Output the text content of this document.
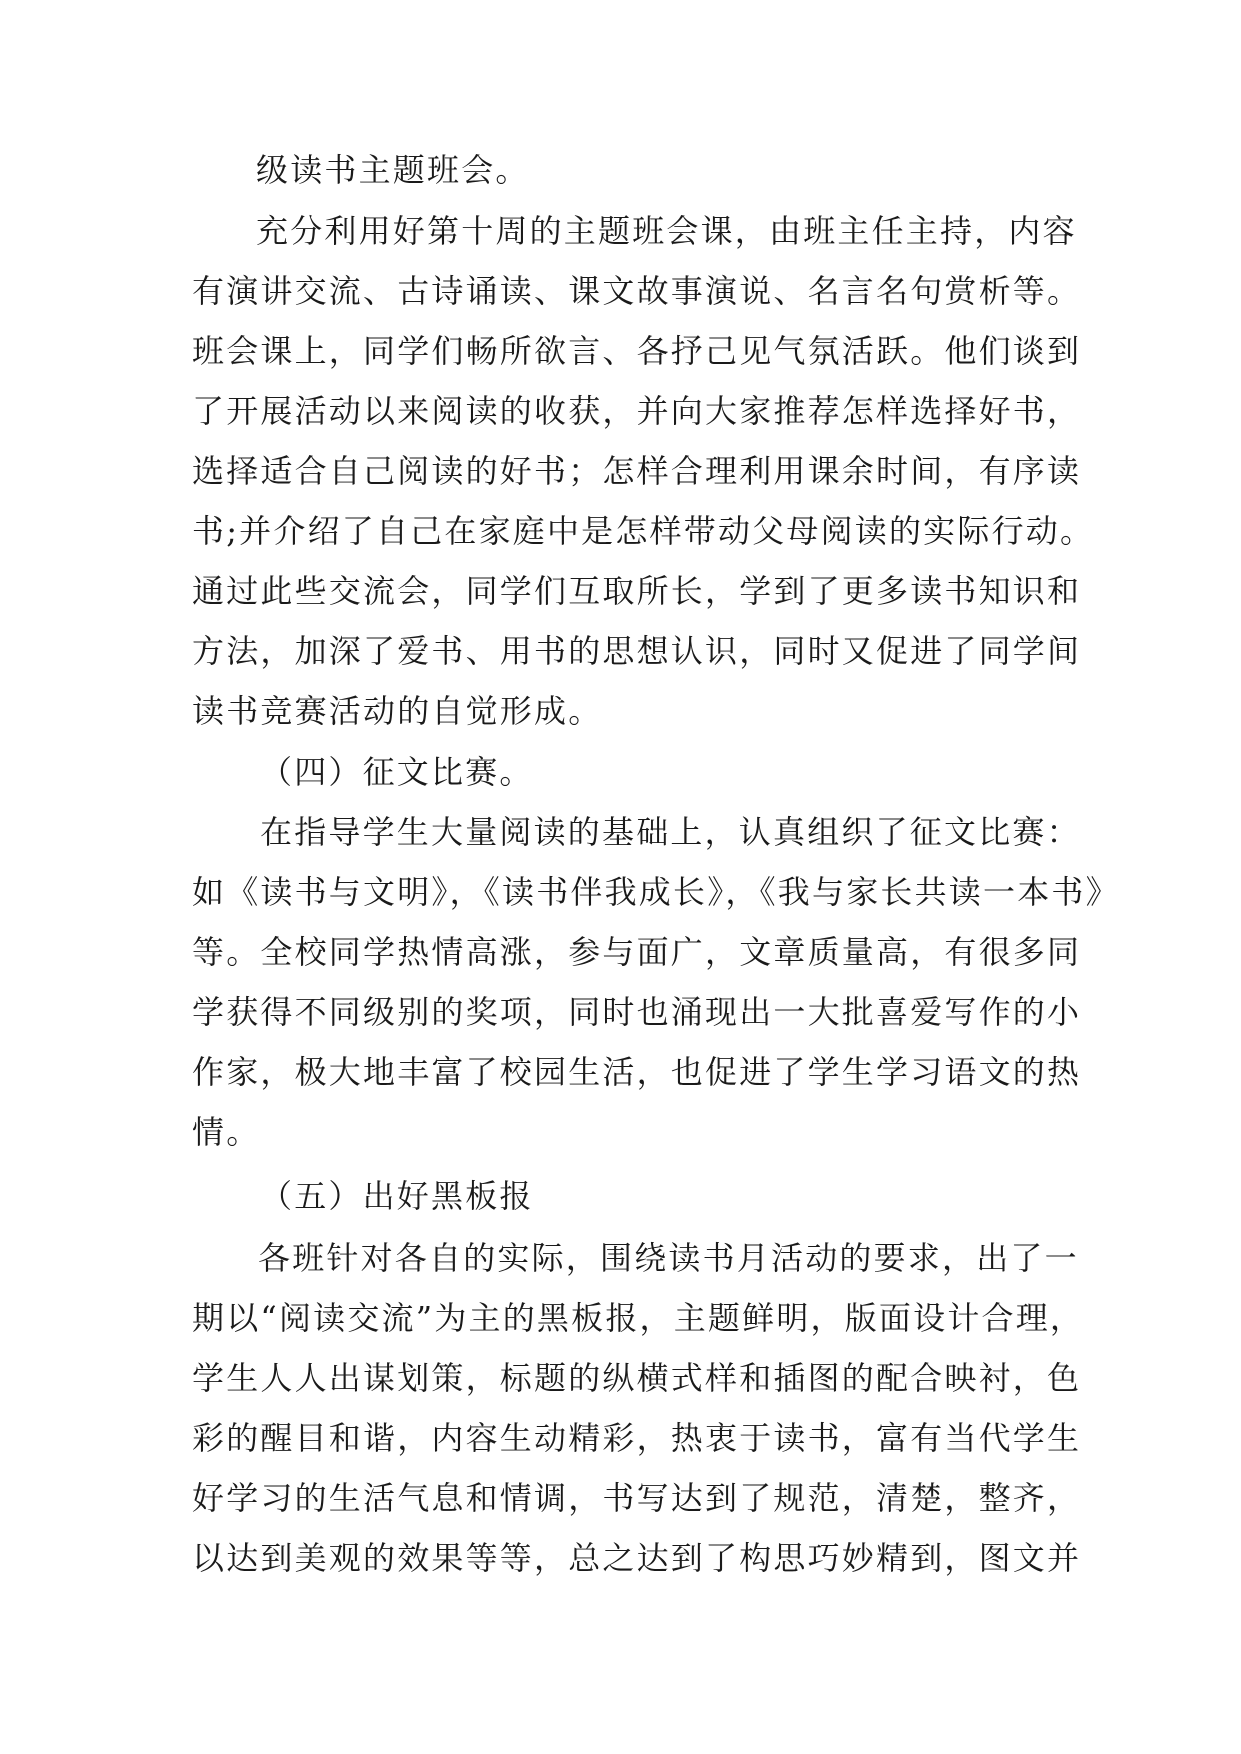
级读书主题班会。
充分利用好第十周的主题班会课，由班主任主持，内容
有演讲交流、古诗诵读、课文故事演说、名言名句赏析等。
班会课上，同学们畅所欲言、各抒己见气氛活跃。他们谈到
了开展活动以来阅读的收获，并向大家推荐怎样选择好书，
选择适合自己阅读的好书；怎样合理利用课余时间，有序读
书;并介绍了自己在家庭中是怎样带动父母阅读的实际行动。
通过此些交流会，同学们互取所长，学到了更多读书知识和
方法，加深了爱书、用书的思想认识，同时又促进了同学间
读书竞赛活动的自觉形成。
（四）征文比赛。
在指导学生大量阅读的基础上，认真组织了征文比赛：
如《读书与文明》，《读书伴我成长》，《我与家长共读一本书》
等。全校同学热情高涨，参与面广，文章质量高，有很多同
学获得不同级别的奖项，同时也涌现出一大批喜爱写作的小
作家，极大地丰富了校园生活，也促进了学生学习语文的热
情。
（五）出好黑板报
各班针对各自的实际，围绕读书月活动的要求，出了一
期以“阅读交流”为主的黑板报，主题鲜明，版面设计合理，
学生人人出谋划策，标题的纵横式样和插图的配合映衬，色
彩的醒目和谐，内容生动精彩，热衷于读书，富有当代学生
好学习的生活气息和情调，书写达到了规范，清楚，整齐，
以达到美观的效果等等，总之达到了构思巧妙精到，图文并
